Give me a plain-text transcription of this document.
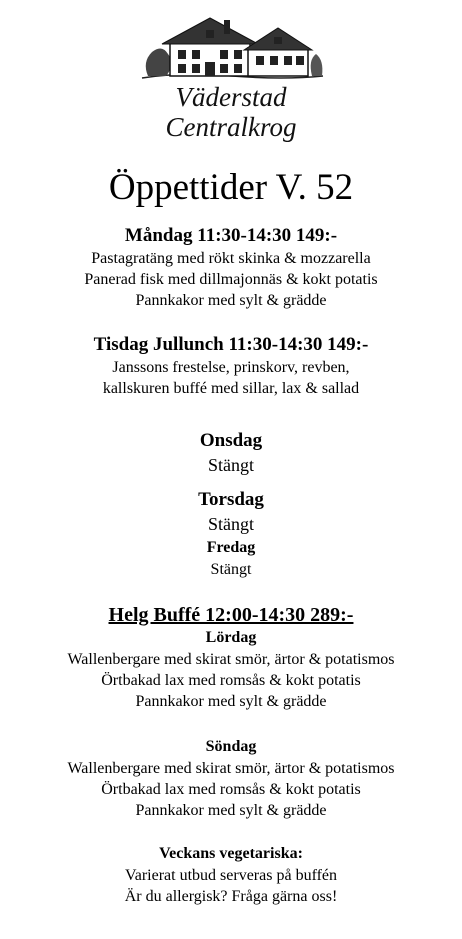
Väderstad
Centralkrog
Öppettider V. 52
Måndag 11:30-14:30 149:-
Pastagratäng med rökt skinka & mozzarella
Panerad fisk med dillmajonnäs & kokt potatis
Pannkakor med sylt & grädde
Tisdag Jullunch 11:30-14:30 149:-
Janssons frestelse, prinskorv, revben,
kallskuren buffé med sillar, lax & sallad
Onsdag
Stängt
Torsdag
Stängt
Fredag
Stängt
Helg Buffé 12:00-14:30 289:-
Lördag
Wallenbergare med skirat smör, ärtor & potatismos
Örtbakad lax med romsås & kokt potatis
Pannkakor med sylt & grädde
Söndag
Wallenbergare med skirat smör, ärtor & potatismos
Örtbakad lax med romsås & kokt potatis
Pannkakor med sylt & grädde
Veckans vegetariska:
Varierat utbud serveras på buffén
Är du allergisk? Fråga gärna oss!
